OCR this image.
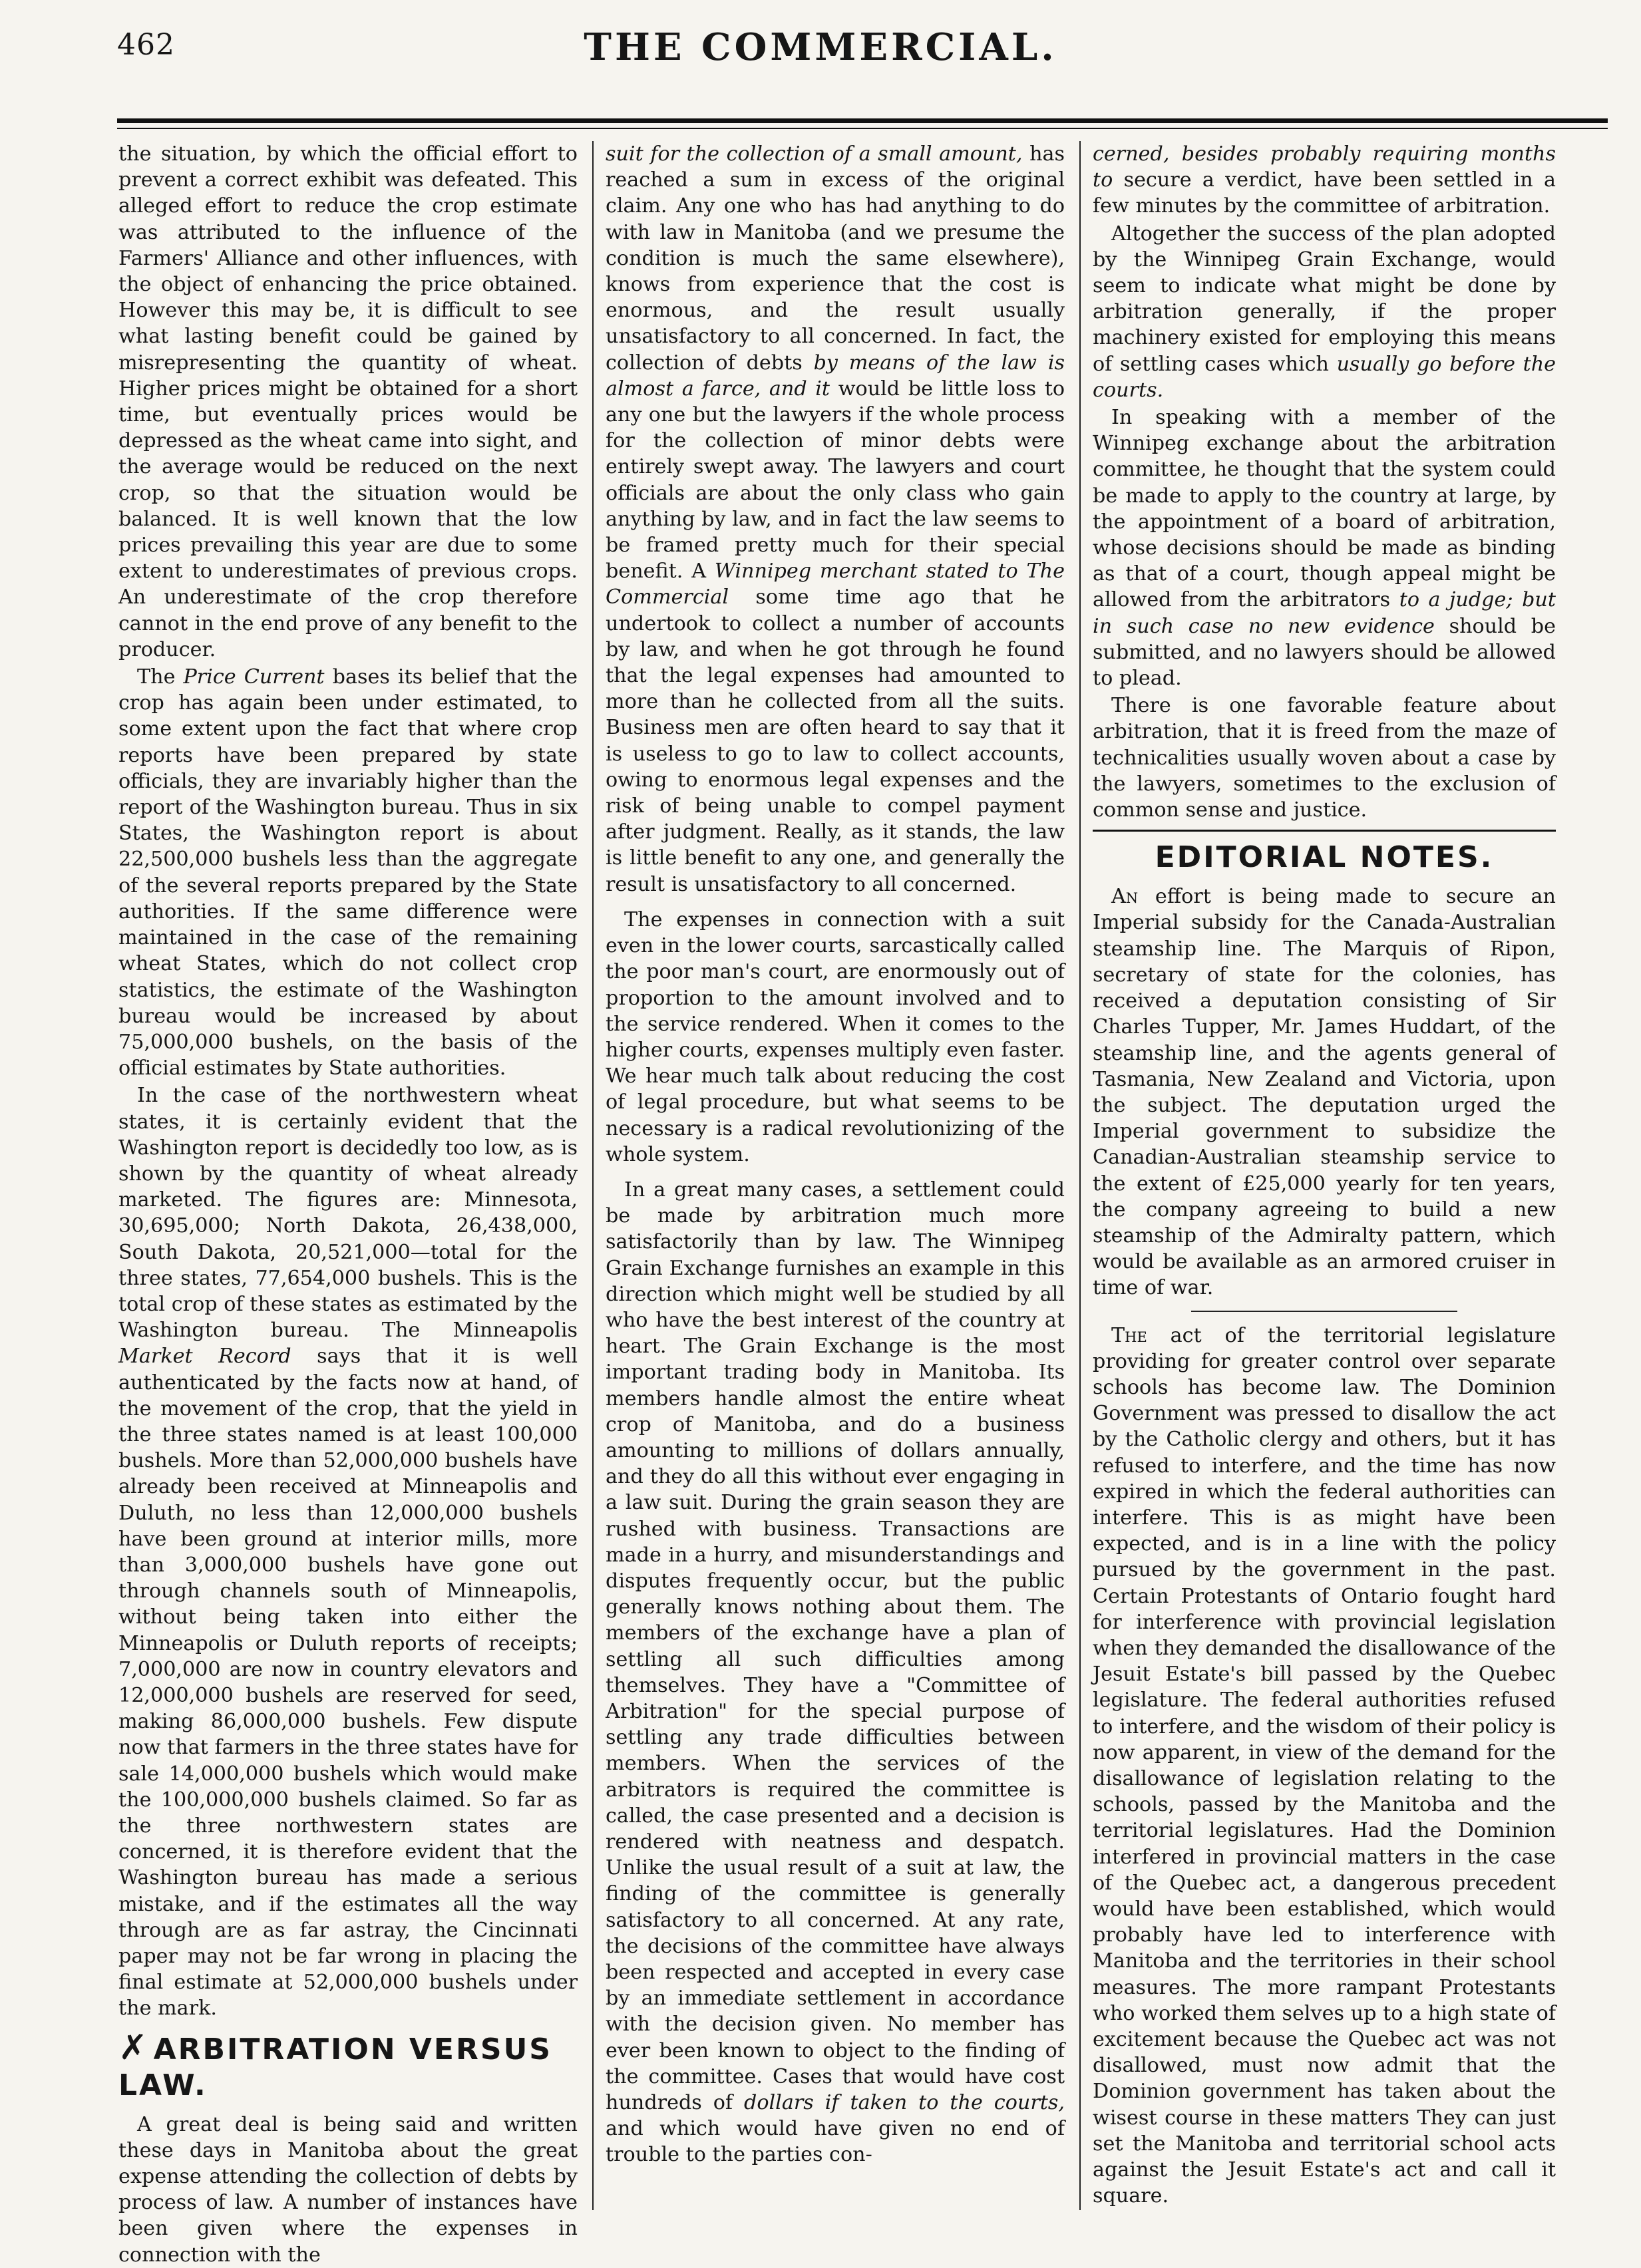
462	THE COMMERCIAL.

the situation, by which the official effort to prevent a correct exhibit was defeated. This alleged effort to reduce the crop estimate was attributed to the influence of the Farmers' Alliance and other influences, with the object of enhancing the price obtained. However this may be, it is difficult to see what lasting benefit could be gained by misrepresenting the quantity of wheat. Higher prices might be obtained for a short time, but eventually prices would be depressed as the wheat came into sight, and the average would be reduced on the next crop, so that the situation would be balanced. It is well known that the low prices prevailing this year are due to some extent to underestimates of previous crops. An underestimate of the crop therefore cannot in the end prove of any benefit to the producer.

The Price Current bases its belief that the crop has again been under estimated, to some extent upon the fact that where crop reports have been prepared by state officials, they are invariably higher than the report of the Washington bureau. Thus in six States, the Washington report is about 22,500,000 bushels less than the aggregate of the several reports prepared by the State authorities. If the same difference were maintained in the case of the remaining wheat States, which do not collect crop statistics, the estimate of the Washington bureau would be increased by about 75,000,000 bushels, on the basis of the official estimates by State authorities.

In the case of the northwestern wheat states, it is certainly evident that the Washington report is decidedly too low, as is shown by the quantity of wheat already marketed. The figures are: Minnesota, 30,695,000; North Dakota, 26,438,000, South Dakota, 20,521,000—total for the three states, 77,654,000 bushels. This is the total crop of these states as estimated by the Washington bureau. The Minneapolis Market Record says that it is well authenticated by the facts now at hand, of the movement of the crop, that the yield in the three states named is at least 100,000 bushels. More than 52,000,000 bushels have already been received at Minneapolis and Duluth, no less than 12,000,000 bushels have been ground at interior mills, more than 3,000,000 bushels have gone out through channels south of Minneapolis, without being taken into either the Minneapolis or Duluth reports of receipts; 7,000,000 are now in country elevators and 12,000,000 bushels are reserved for seed, making 86,000,000 bushels. Few dispute now that farmers in the three states have for sale 14,000,000 bushels which would make the 100,000,000 bushels claimed. So far as the three northwestern states are concerned, it is therefore evident that the Washington bureau has made a serious mistake, and if the estimates all the way through are as far astray, the Cincinnati paper may not be far wrong in placing the final estimate at 52,000,000 bushels under the mark.

✗ ARBITRATION VERSUS LAW.

A great deal is being said and written these days in Manitoba about the great expense attending the collection of debts by process of law. A number of instances have been given where the expenses in connection with the

suit for the collection of a small amount, has reached a sum in excess of the original claim. Any one who has had anything to do with law in Manitoba (and we presume the condition is much the same elsewhere), knows from experience that the cost is enormous, and the result usually unsatisfactory to all concerned. In fact, the collection of debts by means of the law is almost a farce, and it would be little loss to any one but the lawyers if the whole process for the collection of minor debts were entirely swept away. The lawyers and court officials are about the only class who gain anything by law, and in fact the law seems to be framed pretty much for their special benefit. A Winnipeg merchant stated to The Commercial some time ago that he undertook to collect a number of accounts by law, and when he got through he found that the legal expenses had amounted to more than he collected from all the suits. Business men are often heard to say that it is useless to go to law to collect accounts, owing to enormous legal expenses and the risk of being unable to compel payment after judgment. Really, as it stands, the law is little benefit to any one, and generally the result is unsatisfactory to all concerned.

The expenses in connection with a suit even in the lower courts, sarcastically called the poor man's court, are enormously out of proportion to the amount involved and to the service rendered. When it comes to the higher courts, expenses multiply even faster. We hear much talk about reducing the cost of legal procedure, but what seems to be necessary is a radical revolutionizing of the whole system.

In a great many cases, a settlement could be made by arbitration much more satisfactorily than by law. The Winnipeg Grain Exchange furnishes an example in this direction which might well be studied by all who have the best interest of the country at heart. The Grain Exchange is the most important trading body in Manitoba. Its members handle almost the entire wheat crop of Manitoba, and do a business amounting to millions of dollars annually, and they do all this without ever engaging in a law suit. During the grain season they are rushed with business. Transactions are made in a hurry, and misunderstandings and disputes frequently occur, but the public generally knows nothing about them. The members of the exchange have a plan of settling all such difficulties among themselves. They have a "Committee of Arbitration" for the special purpose of settling any trade difficulties between members. When the services of the arbitrators is required the committee is called, the case presented and a decision is rendered with neatness and despatch. Unlike the usual result of a suit at law, the finding of the committee is generally satisfactory to all concerned. At any rate, the decisions of the committee have always been respected and accepted in every case by an immediate settlement in accordance with the decision given. No member has ever been known to object to the finding of the committee. Cases that would have cost hundreds of dollars if taken to the courts, and which would have given no end of trouble to the parties con-

cerned, besides probably requiring months to secure a verdict, have been settled in a few minutes by the committee of arbitration.

Altogether the success of the plan adopted by the Winnipeg Grain Exchange, would seem to indicate what might be done by arbitration generally, if the proper machinery existed for employing this means of settling cases which usually go before the courts.

In speaking with a member of the Winnipeg exchange about the arbitration committee, he thought that the system could be made to apply to the country at large, by the appointment of a board of arbitration, whose decisions should be made as binding as that of a court, though appeal might be allowed from the arbitrators to a judge; but in such case no new evidence should be submitted, and no lawyers should be allowed to plead.

There is one favorable feature about arbitration, that it is freed from the maze of technicalities usually woven about a case by the lawyers, sometimes to the exclusion of common sense and justice.

EDITORIAL NOTES.

An effort is being made to secure an Imperial subsidy for the Canada-Australian steamship line. The Marquis of Ripon, secretary of state for the colonies, has received a deputation consisting of Sir Charles Tupper, Mr. James Huddart, of the steamship line, and the agents general of Tasmania, New Zealand and Victoria, upon the subject. The deputation urged the Imperial government to subsidize the Canadian-Australian steamship service to the extent of £25,000 yearly for ten years, the company agreeing to build a new steamship of the Admiralty pattern, which would be available as an armored cruiser in time of war.

The act of the territorial legislature providing for greater control over separate schools has become law. The Dominion Government was pressed to disallow the act by the Catholic clergy and others, but it has refused to interfere, and the time has now expired in which the federal authorities can interfere. This is as might have been expected, and is in a line with the policy pursued by the government in the past. Certain Protestants of Ontario fought hard for interference with provincial legislation when they demanded the disallowance of the Jesuit Estate's bill passed by the Quebec legislature. The federal authorities refused to interfere, and the wisdom of their policy is now apparent, in view of the demand for the disallowance of legislation relating to the schools, passed by the Manitoba and the territorial legislatures. Had the Dominion interfered in provincial matters in the case of the Quebec act, a dangerous precedent would have been established, which would probably have led to interference with Manitoba and the territories in their school measures. The more rampant Protestants who worked them selves up to a high state of excitement because the Quebec act was not disallowed, must now admit that the Dominion government has taken about the wisest course in these matters They can just set the Manitoba and territorial school acts against the Jesuit Estate's act and call it square.
